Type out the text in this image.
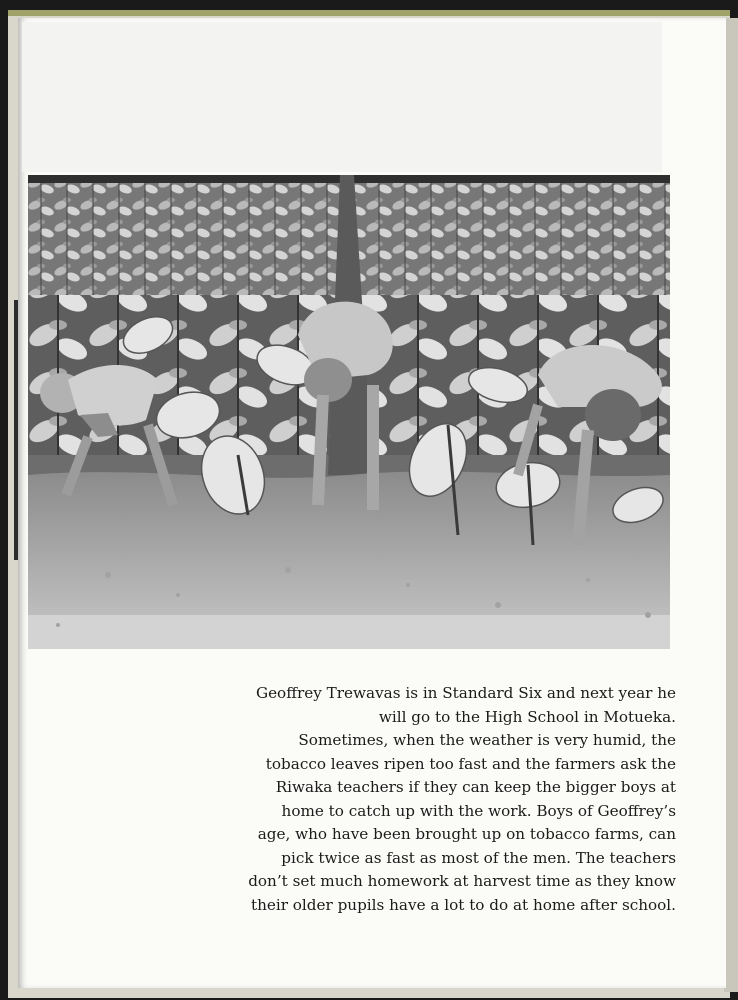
Geoffrey Trewavas is in Standard Six and next year he
will go to the High School in Motueka.
Sometimes, when the weather is very humid, the
tobacco leaves ripen too fast and the farmers ask the
Riwaka teachers if they can keep the bigger boys at
home to catch up with the work. Boys of Geoffrey’s
age, who have been brought up on tobacco farms, can
pick twice as fast as most of the men. The teachers
don’t set much homework at harvest time as they know
their older pupils have a lot to do at home after school.
